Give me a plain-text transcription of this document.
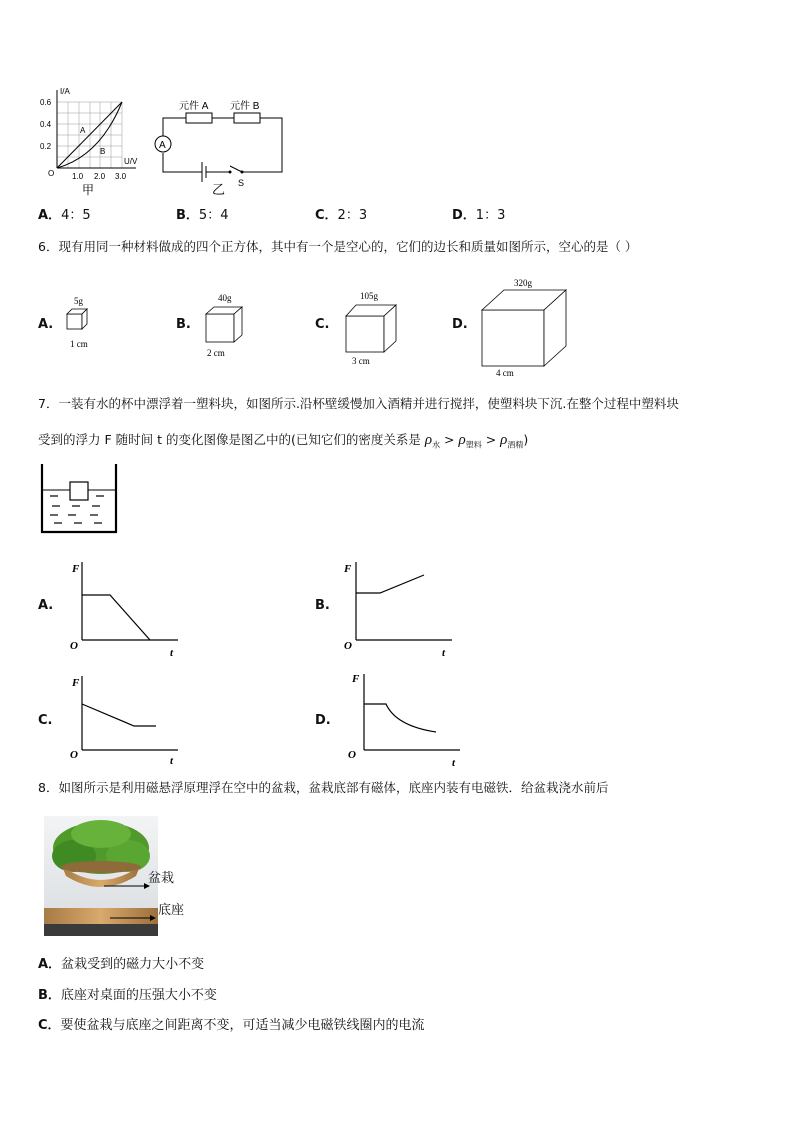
I/A
U/V
O
0.6
0.4
0.2
1.0 2.0 3.0
A
B
甲
元件 A 元件 B
A
S
乙
A．4：5	B．5：4	C．2：3	D．1：3
6．现有用同一种材料做成的四个正方体，其中有一个是空心的，它们的边长和质量如图所示，空心的是（ ）
A.
5g
1 cm
B.
40g
2 cm
C.
105g
3 cm
D.
320g
4 cm
7．一装有水的杯中漂浮着一塑料块，如图所示.沿杯壁缓慢加入酒精并进行搅拌，使塑料块下沉.在整个过程中塑料块
受到的浮力 F 随时间 t 的变化图像是图乙中的(已知它们的密度关系是 $\rho_水 > \rho_{塑料} > \rho_{酒精}$)
A.
F
O
t
B.
F
O
t
C.
F
O	t
D.
F
O
t
8．如图所示是利用磁悬浮原理浮在空中的盆栽，盆栽底部有磁体，底座内装有电磁铁．给盆栽浇水前后
盆栽
底座
A．盆栽受到的磁力大小不变
B．底座对桌面的压强大小不变
C．要使盆栽与底座之间距离不变，可适当减少电磁铁线圈内的电流
